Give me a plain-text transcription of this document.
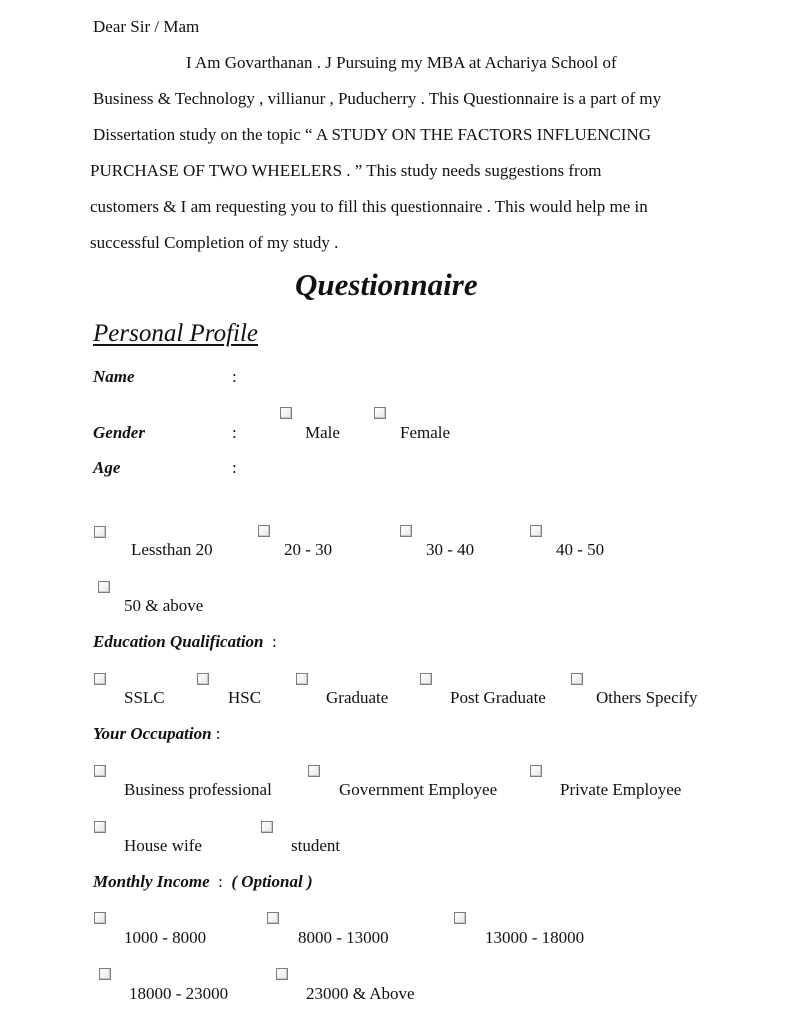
Dear Sir / Mam
I Am Govarthanan . J Pursuing my MBA at Achariya School of
Business & Technology , villianur , Puducherry . This Questionnaire is a part of my
Dissertation study on the topic “ A STUDY ON THE FACTORS INFLUENCING
PURCHASE OF TWO WHEELERS . ” This study needs suggestions from
customers & I am requesting you to fill this questionnaire . This would help me in
successful Completion of my study .
Questionnaire
Personal Profile
Name	:
Gender	:	Male	Female
Age	:
Lessthan 20	20 - 30	30 - 40	40 - 50
50 & above
Education Qualification :
SSLC	HSC	Graduate	Post Graduate	Others Specify
Your Occupation :
Business professional	Government Employee	Private Employee
House wife	student
Monthly Income : ( Optional )
1000 - 8000	8000 - 13000	13000 - 18000
18000 - 23000	23000 & Above
